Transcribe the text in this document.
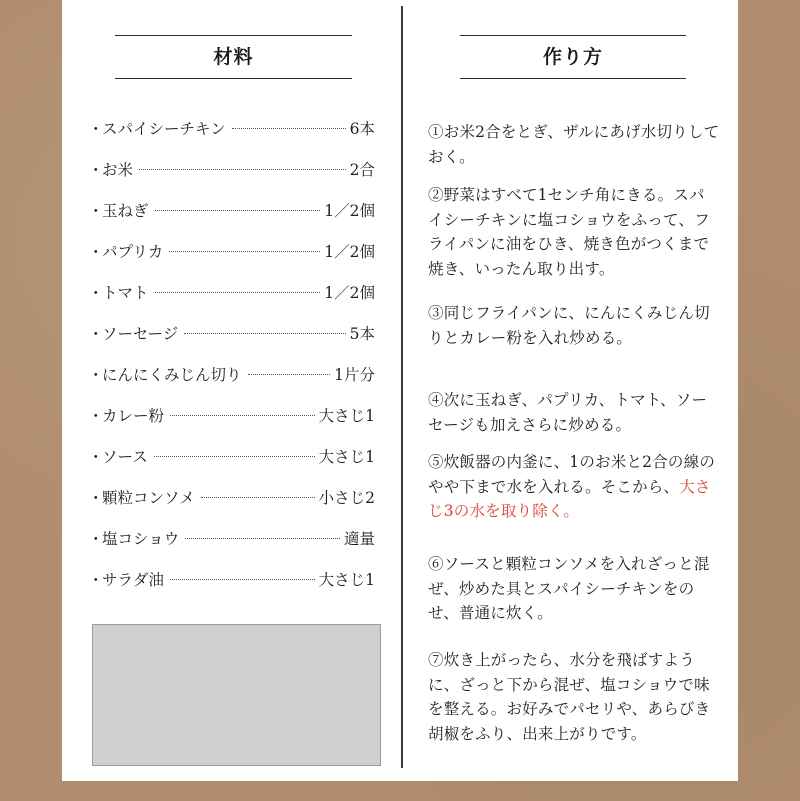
材料	作り方
・
スパイシーチキン	6本
・
お米	2合
・
玉ねぎ	1／2個
・
パプリカ	1／2個
・
トマト	1／2個
・
ソーセージ	5本
・
にんにくみじん切り	1片分
・
カレー粉	大さじ1
・
ソース	大さじ1
・
顆粒コンソメ	小さじ2
・
塩コショウ	適量
・
サラダ油	大さじ1
①お米2合をとぎ、ザルにあげ水切りしておく。
②野菜はすべて1センチ角にきる。スパイシーチキンに塩コショウをふって、フライパンに油をひき、焼き色がつくまで焼き、いったん取り出す。
③同じフライパンに、にんにくみじん切りとカレー粉を入れ炒める。
④次に玉ねぎ、パプリカ、トマト、ソーセージも加えさらに炒める。
⑤炊飯器の内釜に、1のお米と2合の線のやや下まで水を入れる。そこから、大さじ3の水を取り除く。
⑥ソースと顆粒コンソメを入れざっと混ぜ、炒めた具とスパイシーチキンをのせ、普通に炊く。
⑦炊き上がったら、水分を飛ばすように、ざっと下から混ぜ、塩コショウで味を整える。お好みでパセリや、あらびき胡椒をふり、出来上がりです。
